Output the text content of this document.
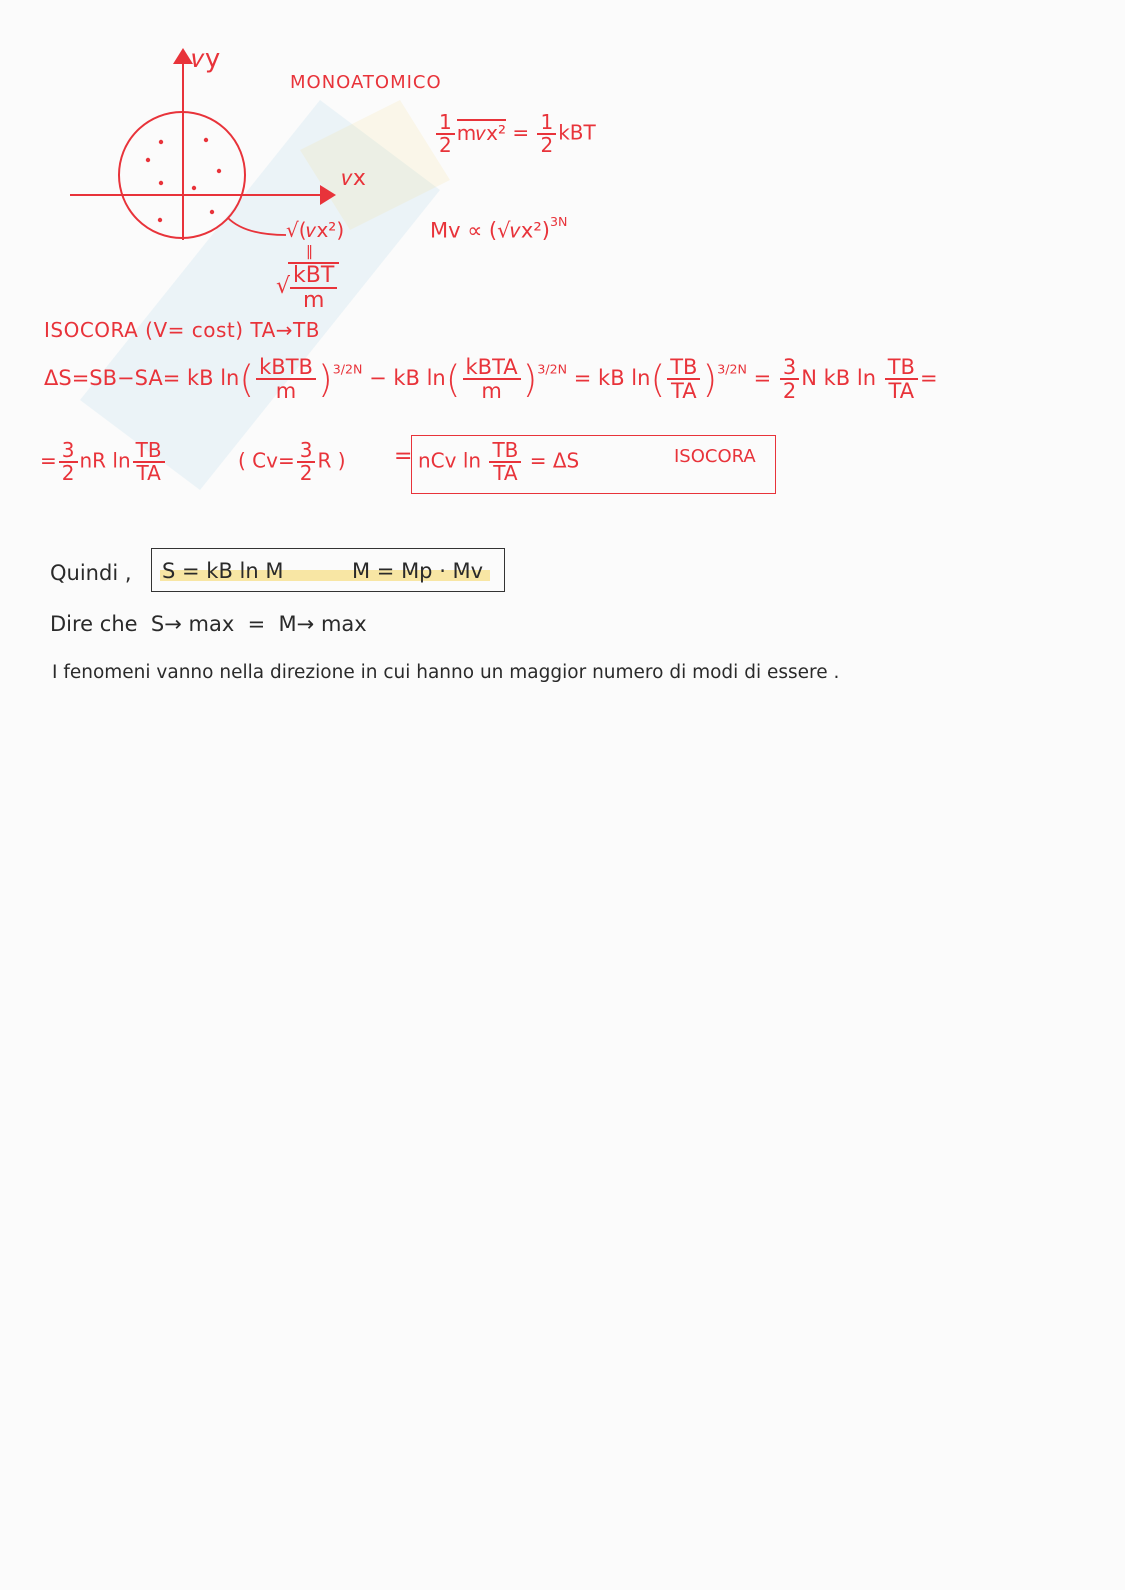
𝜈y
𝜈x
√(𝜈x²)
‖
√
$\frac{\text{kBT}}{m}$
MONOATOMICO
$\frac{1}{2}$ m𝜈x² = $\frac{1}{2}$ kBT
Mv ∝ (√𝜈x²)$^{3N}$
ISOCORA (V= cost) TA→TB
ΔS=SB−SA= kB $\ln( \frac{\text{kBTB}}{m} )^{3/2N}$ − kB $\ln( \frac{\text{kBTA}}{m} )^{3/2N}$ = kB $\ln( \frac{TB}{TA} )^{3/2N} = \frac{3}{2}$ N kB $\ln \frac{TB}{TA}$ =
= $\frac{3}{2}$ nR $\ln \frac{TB}{TA}$	( $Cv= \frac{3}{2}$ R ) = nCv $\ln \frac{TB}{TA} = \Delta S$	ISOCORA
Quindi , S = kB ln M	M = Mp · Mv
Dire che  S→ max  =  M→ max
I fenomeni vanno nella direzione in cui hanno un maggior numero di modi di essere .
